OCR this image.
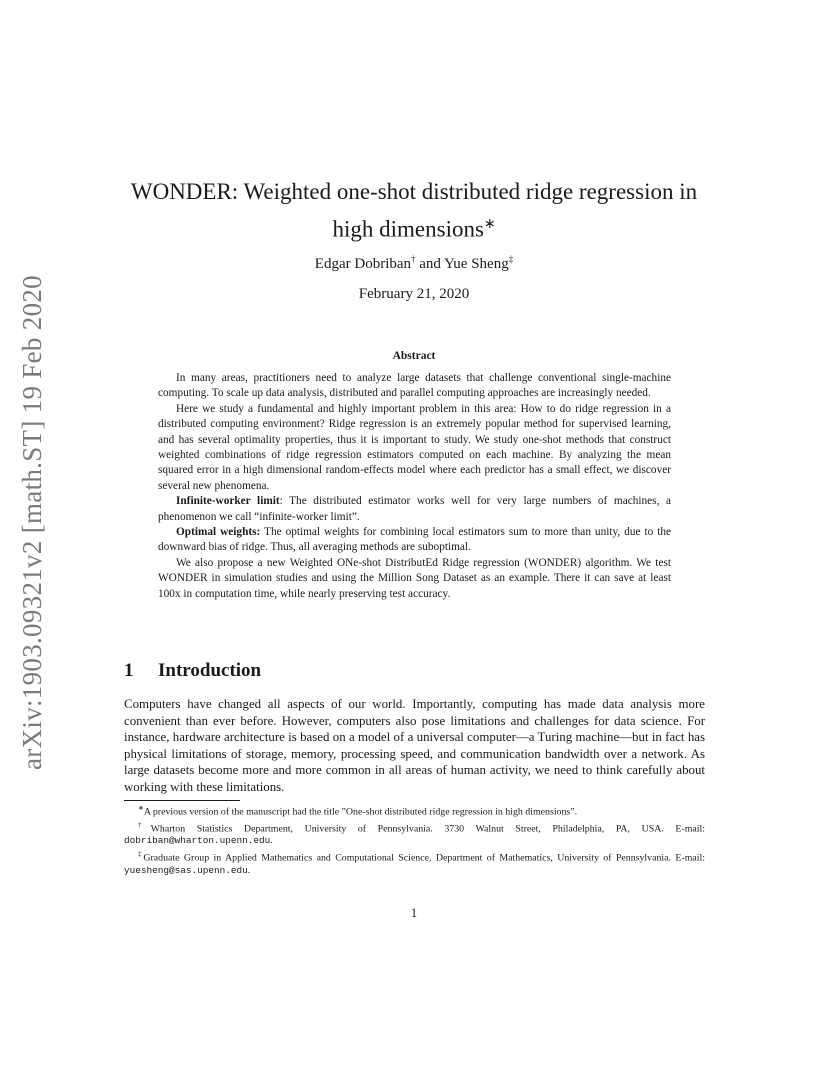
arXiv:1903.09321v2 [math.ST] 19 Feb 2020
WONDER: Weighted one-shot distributed ridge regression in
high dimensions∗
Edgar Dobriban† and Yue Sheng‡
February 21, 2020
Abstract

In many areas, practitioners need to analyze large datasets that challenge conventional single-machine computing. To scale up data analysis, distributed and parallel computing approaches are increasingly needed.

Here we study a fundamental and highly important problem in this area: How to do ridge regression in a distributed computing environment? Ridge regression is an extremely popular method for supervised learning, and has several optimality properties, thus it is important to study. We study one-shot methods that construct weighted combinations of ridge regression estimators computed on each machine. By analyzing the mean squared error in a high dimensional random-effects model where each predictor has a small effect, we discover several new phenomena.

Infinite-worker limit: The distributed estimator works well for very large numbers of machines, a phenomenon we call “infinite-worker limit”.

Optimal weights: The optimal weights for combining local estimators sum to more than unity, due to the downward bias of ridge. Thus, all averaging methods are suboptimal.

We also propose a new Weighted ONe-shot DistributEd Ridge regression (WONDER) algorithm. We test WONDER in simulation studies and using the Million Song Dataset as an example. There it can save at least 100x in computation time, while nearly preserving test accuracy.

1 Introduction

Computers have changed all aspects of our world. Importantly, computing has made data analysis more convenient than ever before. However, computers also pose limitations and challenges for data science. For instance, hardware architecture is based on a model of a universal computer—a Turing machine—but in fact has physical limitations of storage, memory, processing speed, and communication bandwidth over a network. As large datasets become more and more common in all areas of human activity, we need to think carefully about working with these limitations.

∗A previous version of the manuscript had the title ”One-shot distributed ridge regression in high dimensions”.

†Wharton Statistics Department, University of Pennsylvania. 3730 Walnut Street, Philadelphia, PA, USA. E-mail: dobriban@wharton.upenn.edu.

‡Graduate Group in Applied Mathematics and Computational Science, Department of Mathematics, University of Pennsylvania. E-mail: yuesheng@sas.upenn.edu.

1
